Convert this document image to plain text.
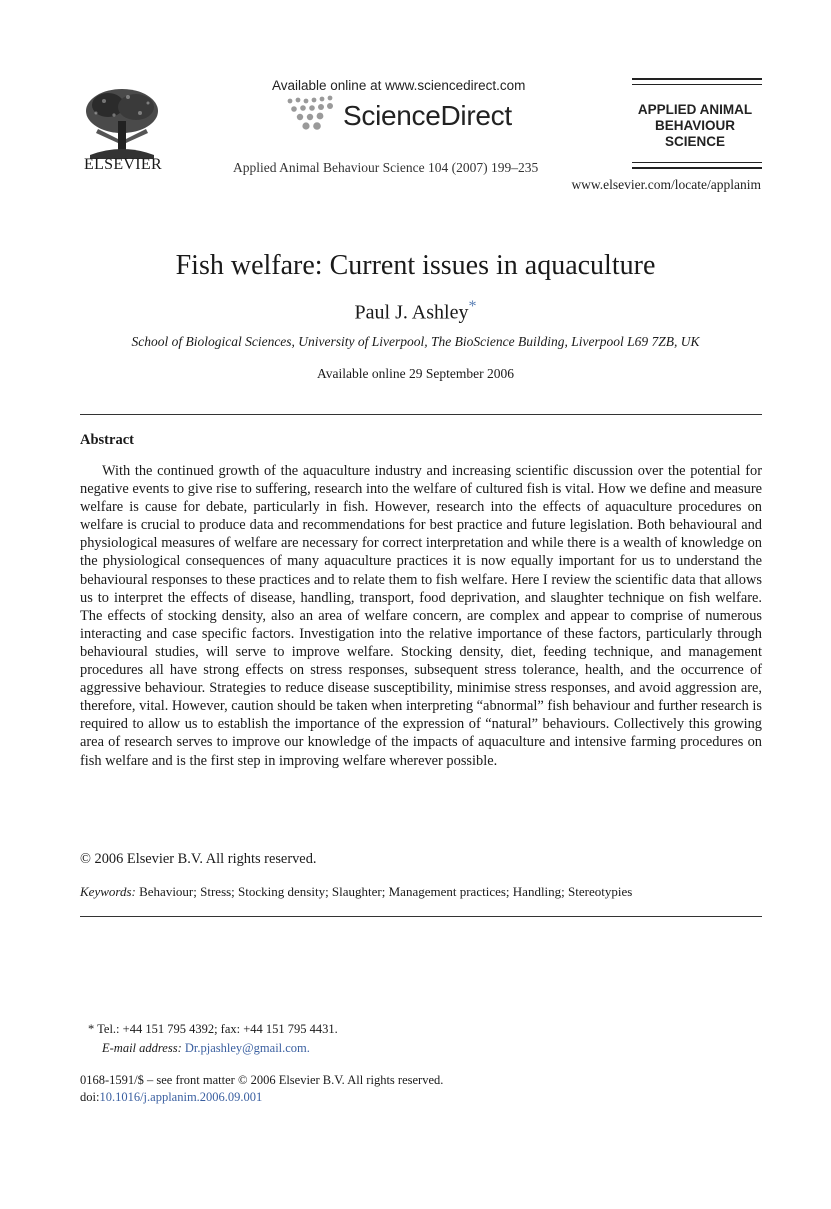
ELSEVIER
Available online at www.sciencedirect.com
ScienceDirect
Applied Animal Behaviour Science 104 (2007) 199–235
APPLIED ANIMAL
BEHAVIOUR
SCIENCE
www.elsevier.com/locate/applanim
Fish welfare: Current issues in aquaculture
Paul J. Ashley*
School of Biological Sciences, University of Liverpool, The BioScience Building, Liverpool L69 7ZB, UK
Available online 29 September 2006
Abstract
With the continued growth of the aquaculture industry and increasing scientific discussion over the potential for negative events to give rise to suffering, research into the welfare of cultured fish is vital. How we define and measure welfare is cause for debate, particularly in fish. However, research into the effects of aquaculture procedures on welfare is crucial to produce data and recommendations for best practice and future legislation. Both behavioural and physiological measures of welfare are necessary for correct interpretation and while there is a wealth of knowledge on the physiological consequences of many aquaculture practices it is now equally important for us to understand the behavioural responses to these practices and to relate them to fish welfare. Here I review the scientific data that allows us to interpret the effects of disease, handling, transport, food deprivation, and slaughter technique on fish welfare. The effects of stocking density, also an area of welfare concern, are complex and appear to comprise of numerous interacting and case specific factors. Investigation into the relative importance of these factors, particularly through behavioural studies, will serve to improve welfare. Stocking density, diet, feeding technique, and management procedures all have strong effects on stress responses, subsequent stress tolerance, health, and the occurrence of aggressive behaviour. Strategies to reduce disease susceptibility, minimise stress responses, and avoid aggression are, therefore, vital. However, caution should be taken when interpreting “abnormal” fish behaviour and further research is required to allow us to establish the importance of the expression of “natural” behaviours. Collectively this growing area of research serves to improve our knowledge of the impacts of aquaculture and intensive farming procedures on fish welfare and is the first step in improving welfare wherever possible.
© 2006 Elsevier B.V. All rights reserved.
Keywords: Behaviour; Stress; Stocking density; Slaughter; Management practices; Handling; Stereotypies
* Tel.: +44 151 795 4392; fax: +44 151 795 4431.
E-mail address: Dr.pjashley@gmail.com.
0168-1591/$ – see front matter © 2006 Elsevier B.V. All rights reserved.
doi:10.1016/j.applanim.2006.09.001
